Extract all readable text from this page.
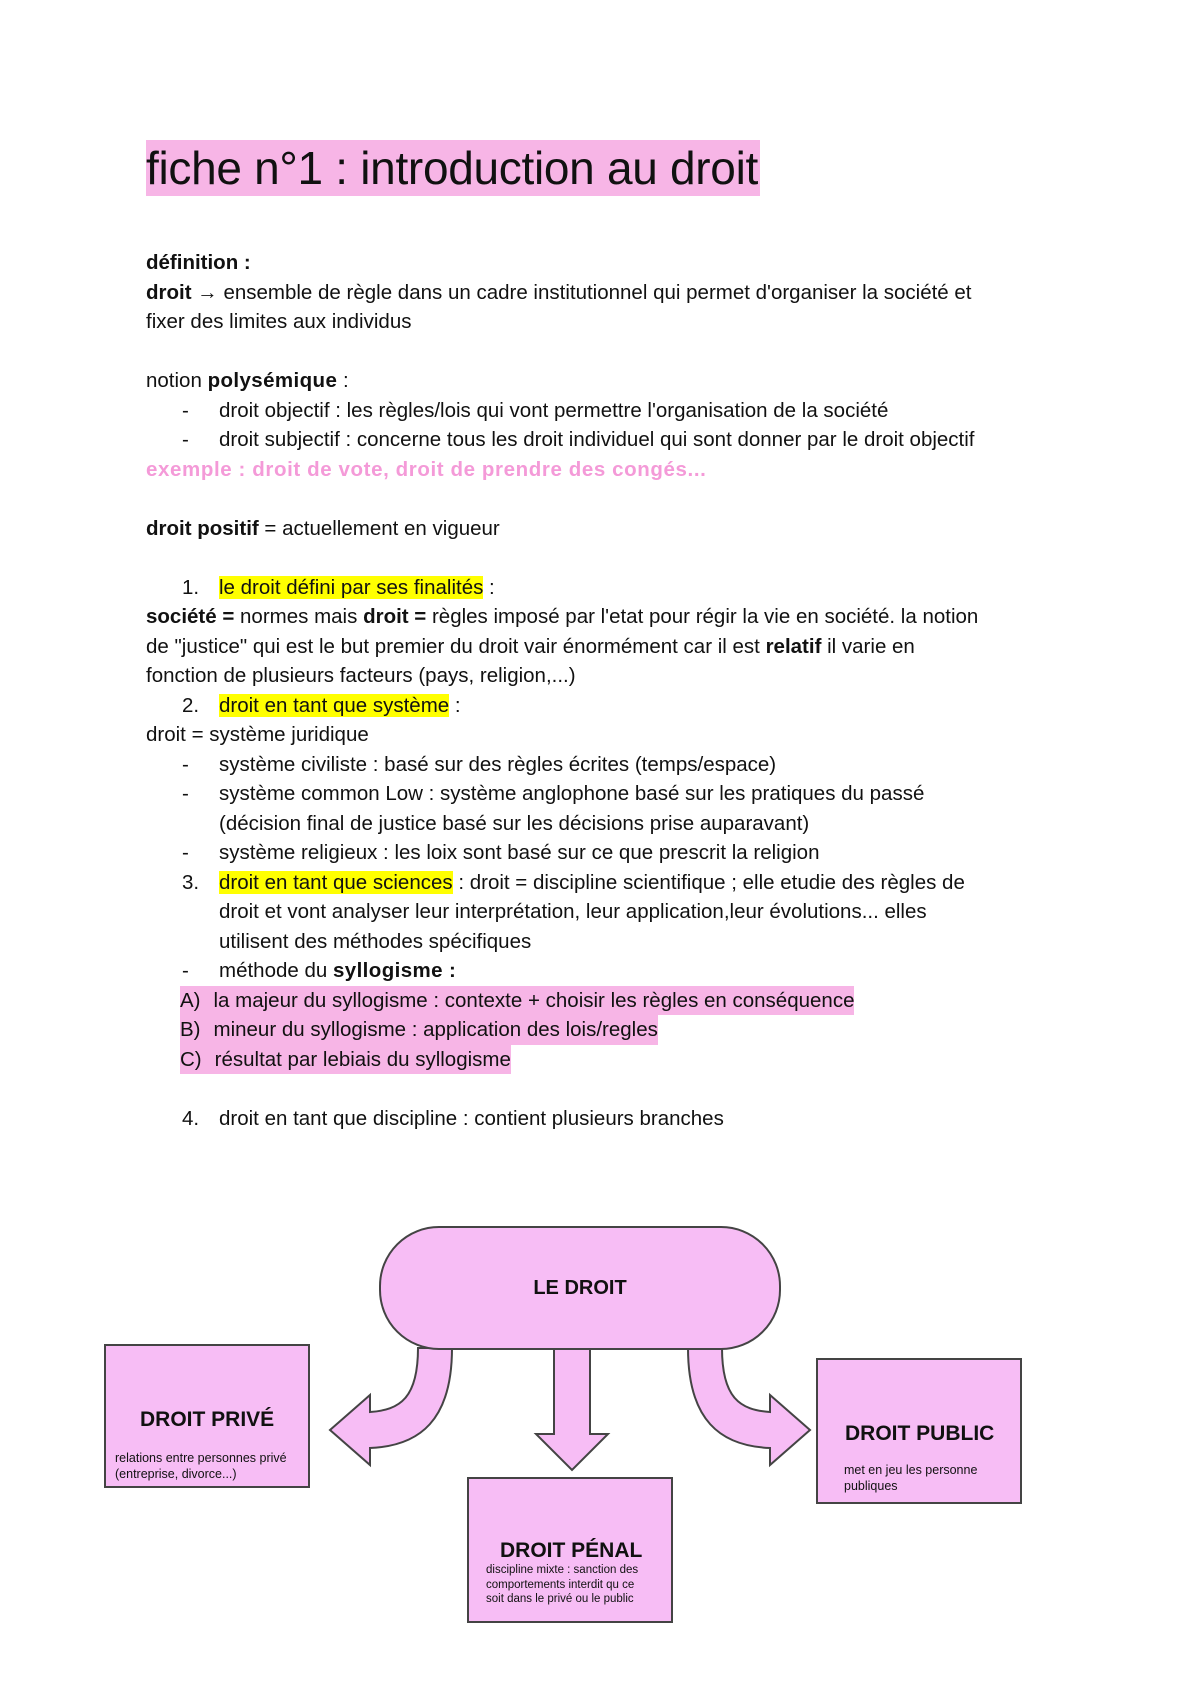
fiche n°1 : introduction au droit

définition :

droit → ensemble de règle dans un cadre institutionnel qui permet d'organiser la société et

fixer des limites aux individus

notion polysémique :

- droit objectif : les règles/lois qui vont permettre l'organisation de la société

- droit subjectif : concerne tous les droit individuel qui sont donner par le droit objectif

exemple : droit de vote, droit de prendre des congés...

droit positif = actuellement en vigueur

1. le droit défini par ses finalités :

société = normes mais droit = règles imposé par l'etat pour régir la vie en société. la notion

de "justice" qui est le but premier du droit vair énormément car il est relatif il varie en

fonction de plusieurs facteurs (pays, religion,...)

2. droit en tant que système :

droit = système juridique

- système civiliste : basé sur des règles écrites (temps/espace)

- système common Low : système anglophone basé sur les pratiques du passé

(décision final de justice basé sur les décisions prise auparavant)

- système religieux : les loix sont basé sur ce que prescrit la religion

3. droit en tant que sciences : droit = discipline scientifique ; elle etudie des règles de

droit et vont analyser leur interprétation, leur application,leur évolutions... elles

utilisent des méthodes spécifiques

- méthode du syllogisme :

A) la majeur du syllogisme : contexte + choisir les règles en conséquence

B) mineur du syllogisme : application des lois/regles

C) résultat par lebiais du syllogisme

4. droit en tant que discipline : contient plusieurs branches

LE DROIT
DROIT PRIVÉ
relations entre personnes privé (entreprise, divorce...)
DROIT PÉNAL
discipline mixte : sanction des comportements interdit qu ce soit dans le privé ou le public
DROIT PUBLIC
met en jeu les personne publiques
